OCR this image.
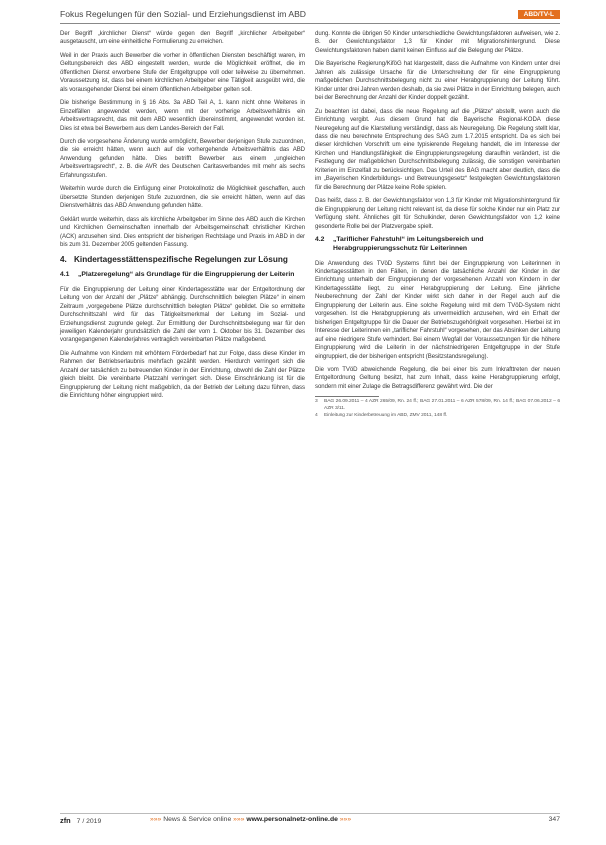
Fokus Regelungen für den Sozial- und Erziehungsdienst im ABD	ABD/TV-L

Der Begriff „kirchlicher Dienst“ würde gegen den Begriff „kirchlicher Arbeitgeber“ ausgetauscht, um eine einheitliche Formulierung zu erreichen.

Weil in der Praxis auch Bewerber die vorher in öffentlichen Diensten beschäftigt waren, im Geltungsbereich des ABD eingestellt werden, wurde die Möglichkeit eröffnet, die im öffentlichen Dienst erworbene Stufe der Entgeltgruppe voll oder teilweise zu übernehmen. Voraussetzung ist, dass bei einem kirchlichen Arbeitgeber eine Tätigkeit ausgeübt wird, die als vorausgehender Dienst bei einem öffentlichen Arbeitgeber gelten soll.

Die bisherige Bestimmung in § 16 Abs. 3a ABD Teil A, 1. kann nicht ohne Weiteres in Einzelfällen angewendet werden, wenn mit der vorherige Arbeitsverhältnis ein Arbeitsvertragsrecht, das mit dem ABD wesentlich übereinstimmt, angewendet worden ist. Dies ist etwa bei Bewerbern aus dem Landes-Bereich der Fall.

Durch die vorgesehene Änderung wurde ermöglicht, Bewerber derjenigen Stufe zuzuordnen, die sie erreicht hätten, wenn auch auf die vorhergehende Arbeitsverhältnis das ABD Anwendung gefunden hätte. Dies betrifft Bewerber aus einem „ungleichen Arbeitsvertragsrecht“, z. B. die AVR des Deutschen Caritasverbandes mit mehr als sechs Erfahrungsstufen.

Weiterhin wurde durch die Einfügung einer Protokollnotiz die Möglichkeit geschaffen, auch übersetzte Stunden derjenigen Stufe zuzuordnen, die sie erreicht hätten, wenn auf das Dienstverhältnis das ABD Anwendung gefunden hätte.

Geklärt wurde weiterhin, dass als kirchliche Arbeitgeber im Sinne des ABD auch die Kirchen und Kirchlichen Gemeinschaften innerhalb der Arbeitsgemeinschaft christlicher Kirchen (ACK) anzusehen sind. Dies entspricht der bisherigen Rechtslage und Praxis im ABD in der bis zum 31. Dezember 2005 geltenden Fassung.

4. Kindertagesstättenspezifische Regelungen zur Lösung
4.1	„Platzeregelung“ als Grundlage für die Eingruppierung der Leiterin

Für die Eingruppierung der Leitung einer Kindertagesstätte war der Entgeltordnung der Leitung von der Anzahl der „Plätze“ abhängig. Durchschnittlich belegten Plätze“ in einem Zeitraum „vorgegebene Plätze durchschnittlich belegten Plätze“ gebildet. Die so ermittelte Durchschnittszahl wird für das Tätigkeitsmerkmal der Leitung im Sozial- und Erziehungsdienst zugrunde gelegt. Zur Ermittlung der Durchschnittsbelegung war für den jeweiligen Kalenderjahr grundsätzlich die Zahl der vom 1. Oktober bis 31. Dezember des vorangegangenen Kalenderjahres vertraglich vereinbarten Plätze maßgebend.

Die Aufnahme von Kindern mit erhöhtem Förderbedarf hat zur Folge, dass diese Kinder im Rahmen der Betriebserlaubnis mehrfach gezählt werden. Hierdurch verringert sich die Anzahl der tatsächlich zu betreuenden Kinder in der Einrichtung, obwohl die Zahl der Plätze gleich bleibt. Die vereinbarte Platzzahl verringert sich. Diese Einschränkung ist für die Eingruppierung der Leitung nicht maßgeblich, da der Betrieb der Leitung dazu führen, dass die Einrichtung höher eingruppiert wird.

dung. Konnte die übrigen 50 Kinder unterschiedliche Gewichtungsfaktoren aufweisen, wie z. B. der Gewichtungsfaktor 1,3 für Kinder mit Migrationshintergrund. Diese Gewichtungsfaktoren haben damit keinen Einfluss auf die Belegung der Plätze.

Die Bayerische Regierung/KiföG hat klargestellt, dass die Aufnahme von Kindern unter drei Jahren als zulässige Ursache für die Unterschreitung der für eine Eingruppierung maßgeblichen Durchschnittsbelegung nicht zu einer Herabgruppierung der Leitung führt. Kinder unter drei Jahren werden deshalb, da sie zwei Plätze in der Einrichtung belegen, auch bei der Berechnung der Anzahl der Kinder doppelt gezählt.

Zu beachten ist dabei, dass die neue Regelung auf die „Plätze“ abstellt, wenn auch die Einrichtung vergibt. Aus diesem Grund hat die Bayerische Regional-KODA diese Neuregelung auf die Klarstellung verständigt, dass als Neuregelung. Die Regelung stellt klar, dass die neu berechnete Entsprechung des SAG zum 1.7.2015 entspricht. Da es sich bei dieser kirchlichen Vorschrift um eine typisierende Regelung handelt, die im Interesse der Kirchen und Handlungsfähigkeit die Eingruppierungsregelung daraufhin verändert, ist die Festlegung der maßgeblichen Durchschnittsbelegung zulässig, die sonstigen vereinbarten Kriterien im Einzelfall zu berücksichtigen. Das Urteil des BAG macht aber deutlich, dass die im „Bayerischen Kinderbildungs- und Betreuungsgesetz“ festgelegten Gewichtungsfaktoren für die Berechnung der Plätze keine Rolle spielen.

Das heißt, dass z. B. der Gewichtungsfaktor von 1,3 für Kinder mit Migrationshintergrund für die Eingruppierung der Leitung nicht relevant ist, da diese für solche Kinder nur ein Platz zur Verfügung steht. Ähnliches gilt für Schulkinder, deren Gewichtungsfaktor von 1,2 keine gesonderte Rolle bei der Platzvergabe spielt.

4.2	„Tariflicher Fahrstuhl“ im Leitungsbereich und Herabgruppierungsschutz für Leiterinnen

Die Anwendung des TVöD Systems führt bei der Eingruppierung von Leiterinnen in Kindertagesstätten in den Fällen, in denen die tatsächliche Anzahl der Kinder in der Einrichtung unterhalb der Eingruppierung der vorgesehenen Anzahl von Kindern in der Kindertagesstätte liegt, zu einer Herabgruppierung der Leitung. Eine jährliche Neuberechnung der Zahl der Kinder wirkt sich daher in der Regel auch auf die Eingruppierung der Leiterin aus. Eine solche Regelung wird mit dem TVöD-System nicht vorgesehen. Ist die Herabgruppierung als unvermeidlich anzusehen, wird ein Erhalt der bisherigen Entgeltgruppe für die Dauer der Betriebszugehörigkeit vorgesehen. Hierbei ist im Interesse der Leiterinnen ein „tariflicher Fahrstuhl“ vorgesehen, der das Absinken der Leitung auf eine niedrigere Stufe verhindert. Bei einem Wegfall der Voraussetzungen für die höhere Eingruppierung wird die Leiterin in der nächstniedrigeren Entgeltgruppe in der Stufe eingruppiert, die der bisherigen entspricht (Besitzstandsregelung).

Die vom TVöD abweichende Regelung, die bei einer bis zum Inkrafttreten der neuen Entgeltordnung Geltung besitzt, hat zum Inhalt, dass keine Herabgruppierung erfolgt, sondern mit einer Zulage die Betragsdifferenz gewährt wird. Die der

3	BAG 26.09.2011 – 4 AZR 265/09, Rn. 24 ff.; BAG 27.01.2011 – 6 AZR 578/09, Rn. 14 ff.; BAG 07.06.2012 – 6 AZR 3/11.

4	Einleitung zur Kinderbetreuung im ABD, ZMV 2011, 148 ff.

zfn 7 / 2019	»»» News & Service online »»» www.personalnetz-online.de »»»	347
